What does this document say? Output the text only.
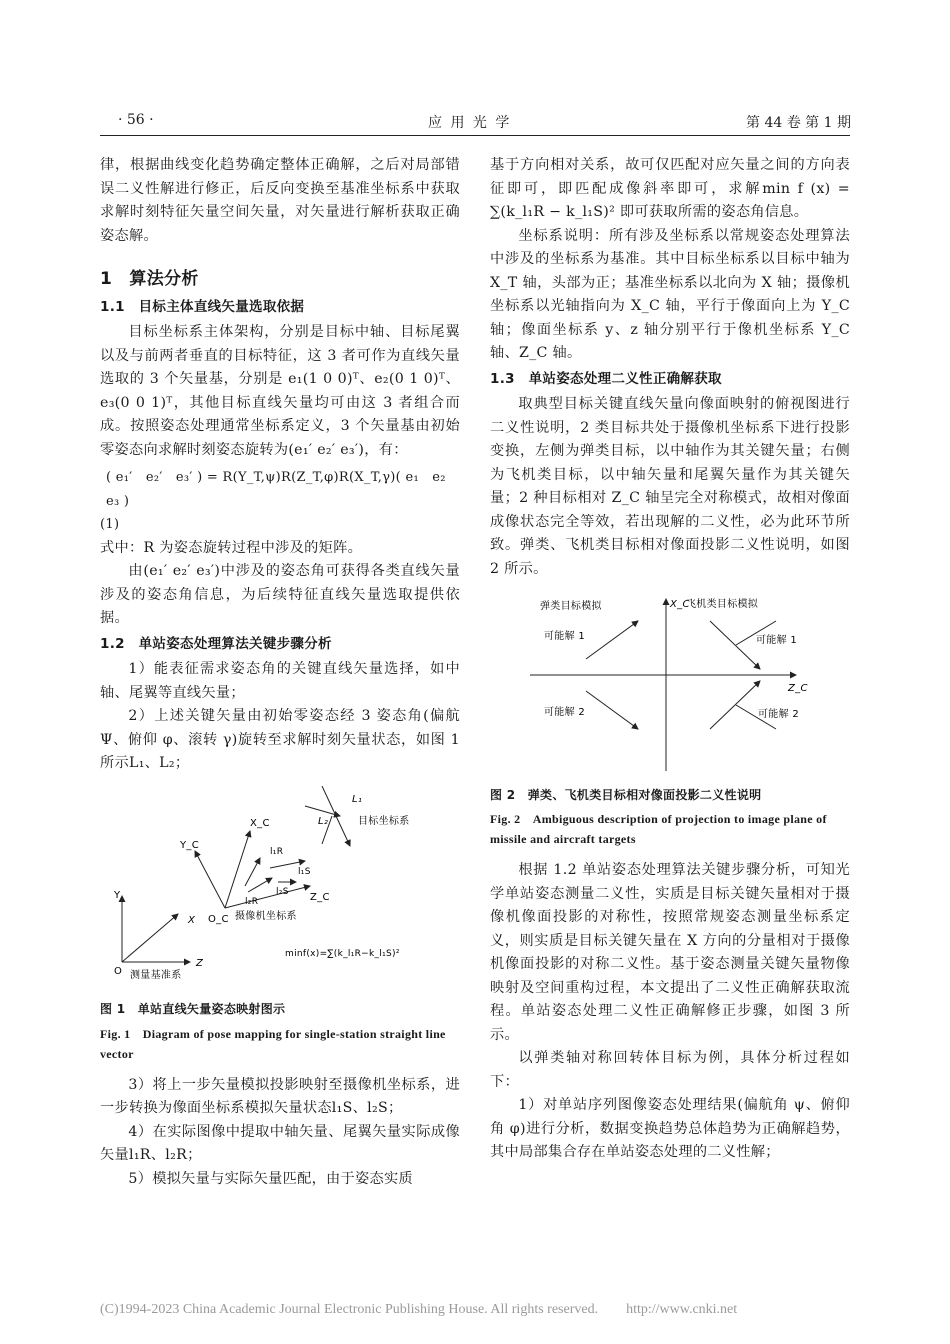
· 56 ·	应 用 光 学	第 44 卷 第 1 期

律，根据曲线变化趋势确定整体正确解，之后对局部错误二义性解进行修正，后反向变换至基准坐标系中获取求解时刻特征矢量空间矢量，对矢量进行解析获取正确姿态解。

1　算法分析

1.1　目标主体直线矢量选取依据

目标坐标系主体架构，分别是目标中轴、目标尾翼以及与前两者垂直的目标特征，这 3 者可作为直线矢量选取的 3 个矢量基，分别是 e₁(1 0 0)ᵀ、e₂(0 1 0)ᵀ、e₃(0 0 1)ᵀ，其他目标直线矢量均可由这 3 者组合而成。按照姿态处理通常坐标系定义，3 个矢量基由初始零姿态向求解时刻姿态旋转为(e₁′ e₂′ e₃′)，有：

( e₁′　e₂′　e₃′ ) = R(Y_T,ψ)R(Z_T,φ)R(X_T,γ)( e₁　e₂　e₃ )

(1)

式中：R 为姿态旋转过程中涉及的矩阵。

由(e₁′ e₂′ e₃′)中涉及的姿态角可获得各类直线矢量涉及的姿态角信息，为后续特征直线矢量选取提供依据。

1.2　单站姿态处理算法关键步骤分析

1）能表征需求姿态角的关键直线矢量选择，如中轴、尾翼等直线矢量；

2）上述关键矢量由初始零姿态经 3 姿态角(偏航 Ψ、俯仰 φ、滚转 γ)旋转至求解时刻矢量状态，如图 1 所示L₁、L₂；

Y
X
Z
O 测量基准系
Y_C
X_C
Z_C
O_C 摄像机坐标系
l₁R
l₂R
l₁S
l₂S
L₁
L₂	目标坐标系
minf(x)=∑(k_l₁R−k_l₁S)²

图 1　单站直线矢量姿态映射图示

Fig. 1　Diagram of pose mapping for single-station straight line vector

3）将上一步矢量模拟投影映射至摄像机坐标系，进一步转换为像面坐标系模拟矢量状态l₁S、l₂S；

4）在实际图像中提取中轴矢量、尾翼矢量实际成像矢量l₁R、l₂R；

5）模拟矢量与实际矢量匹配，由于姿态实质

基于方向相对关系，故可仅匹配对应矢量之间的方向表征即可，即匹配成像斜率即可，求解min f (x) = ∑(k_l₁R − k_l₁S)² 即可获取所需的姿态角信息。

坐标系说明：所有涉及坐标系以常规姿态处理算法中涉及的坐标系为基准。其中目标坐标系以目标中轴为 X_T 轴，头部为正；基准坐标系以北向为 X 轴；摄像机坐标系以光轴指向为 X_C 轴，平行于像面向上为 Y_C 轴；像面坐标系 y、z 轴分别平行于像机坐标系 Y_C 轴、Z_C 轴。

1.3　单站姿态处理二义性正确解获取

取典型目标关键直线矢量向像面映射的俯视图进行二义性说明，2 类目标共处于摄像机坐标系下进行投影变换，左侧为弹类目标，以中轴作为其关键矢量；右侧为飞机类目标，以中轴矢量和尾翼矢量作为其关键矢量；2 种目标相对 Z_C 轴呈完全对称模式，故相对像面成像状态完全等效，若出现解的二义性，必为此环节所致。弹类、飞机类目标相对像面投影二义性说明，如图 2 所示。

X_C
Z_C
弹类目标模拟	飞机类目标模拟
可能解 1
可能解 2
可能解 1
可能解 2

图 2　弹类、飞机类目标相对像面投影二义性说明

Fig. 2　Ambiguous description of projection to image plane of missile and aircraft targets

根据 1.2 单站姿态处理算法关键步骤分析，可知光学单站姿态测量二义性，实质是目标关键矢量相对于摄像机像面投影的对称性，按照常规姿态测量坐标系定义，则实质是目标关键矢量在 X 方向的分量相对于摄像机像面投影的对称二义性。基于姿态测量关键矢量物像映射及空间重构过程，本文提出了二义性正确解获取流程。单站姿态处理二义性正确解修正步骤，如图 3 所示。

以弹类轴对称回转体目标为例，具体分析过程如下：

1）对单站序列图像姿态处理结果(偏航角 ψ、俯仰角 φ)进行分析，数据变换趋势总体趋势为正确解趋势，其中局部集合存在单站姿态处理的二义性解；

(C)1994-2023 China Academic Journal Electronic Publishing House. All rights reserved.　　http://www.cnki.net
